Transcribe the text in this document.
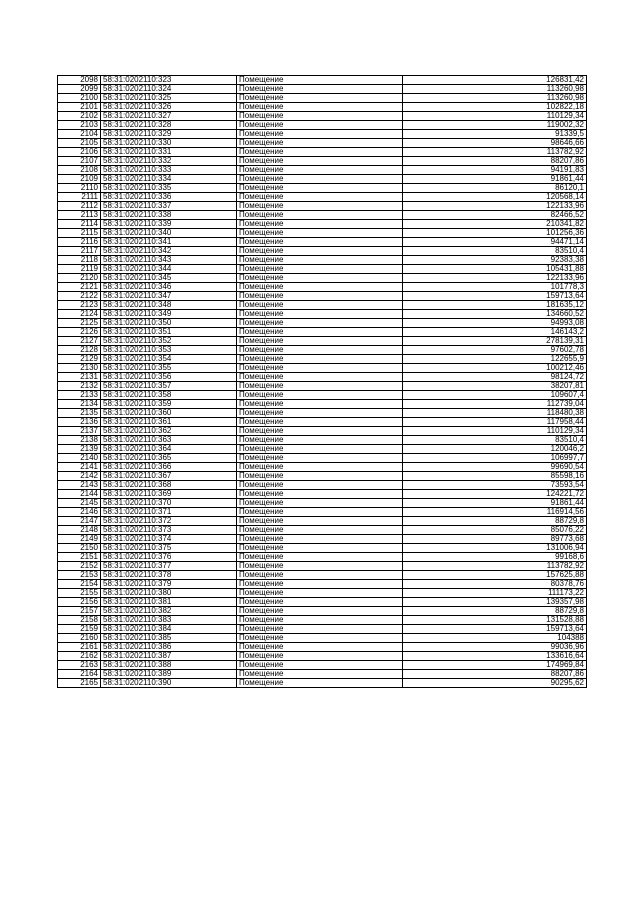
2098	58:31:0202110:323	Помещение	126831,42
2099	58:31:0202110:324	Помещение	113260,98
2100	58:31:0202110:325	Помещение	113260,98
2101	58:31:0202110:326	Помещение	102822,18
2102	58:31:0202110:327	Помещение	110129,34
2103	58:31:0202110:328	Помещение	119002,32
2104	58:31:0202110:329	Помещение	91339,5
2105	58:31:0202110:330	Помещение	98646,66
2106	58:31:0202110:331	Помещение	113782,92
2107	58:31:0202110:332	Помещение	88207,86
2108	58:31:0202110:333	Помещение	94191,83
2109	58:31:0202110:334	Помещение	91861,44
2110	58:31:0202110:335	Помещение	86120,1
2111	58:31:0202110:336	Помещение	120568,14
2112	58:31:0202110:337	Помещение	122133,96
2113	58:31:0202110:338	Помещение	82466,52
2114	58:31:0202110:339	Помещение	210341,82
2115	58:31:0202110:340	Помещение	101256,36
2116	58:31:0202110:341	Помещение	94471,14
2117	58:31:0202110:342	Помещение	83510,4
2118	58:31:0202110:343	Помещение	92383,38
2119	58:31:0202110:344	Помещение	105431,88
2120	58:31:0202110:345	Помещение	122133,96
2121	58:31:0202110:346	Помещение	101778,3
2122	58:31:0202110:347	Помещение	159713,64
2123	58:31:0202110:348	Помещение	181635,12
2124	58:31:0202110:349	Помещение	134660,52
2125	58:31:0202110:350	Помещение	94993,08
2126	58:31:0202110:351	Помещение	146143,2
2127	58:31:0202110:352	Помещение	278139,31
2128	58:31:0202110:353	Помещение	97602,78
2129	58:31:0202110:354	Помещение	122655,9
2130	58:31:0202110:355	Помещение	100212,46
2131	58:31:0202110:356	Помещение	98124,72
2132	58:31:0202110:357	Помещение	38207,81
2133	58:31:0202110:358	Помещение	109607,4
2134	58:31:0202110:359	Помещение	112739,04
2135	58:31:0202110:360	Помещение	118480,38
2136	58:31:0202110:361	Помещение	117958,44
2137	58:31:0202110:362	Помещение	110129,34
2138	58:31:0202110:363	Помещение	83510,4
2139	58:31:0202110:364	Помещение	120046,2
2140	58:31:0202110:365	Помещение	106997,7
2141	58:31:0202110:366	Помещение	99690,54
2142	58:31:0202110:367	Помещение	85598,16
2143	58:31:0202110:368	Помещение	73593,54
2144	58:31:0202110:369	Помещение	124221,72
2145	58:31:0202110:370	Помещение	91861,44
2146	58:31:0202110:371	Помещение	116914,56
2147	58:31:0202110:372	Помещение	88729,8
2148	58:31:0202110:373	Помещение	85076,22
2149	58:31:0202110:374	Помещение	89773,68
2150	58:31:0202110:375	Помещение	131006,94
2151	58:31:0202110:376	Помещение	99168,6
2152	58:31:0202110:377	Помещение	113782,92
2153	58:31:0202110:378	Помещение	157625,88
2154	58:31:0202110:379	Помещение	80378,76
2155	58:31:0202110:380	Помещение	111173,22
2156	58:31:0202110:381	Помещение	139357,98
2157	58:31:0202110:382	Помещение	88729,8
2158	58:31:0202110:383	Помещение	131528,88
2159	58:31:0202110:384	Помещение	159713,64
2160	58:31:0202110:385	Помещение	104388
2161	58:31:0202110:386	Помещение	99036,96
2162	58:31:0202110:387	Помещение	133616,64
2163	58:31:0202110:388	Помещение	174969,84
2164	58:31:0202110:389	Помещение	88207,86
2165	58:31:0202110:390	Помещение	90295,62
